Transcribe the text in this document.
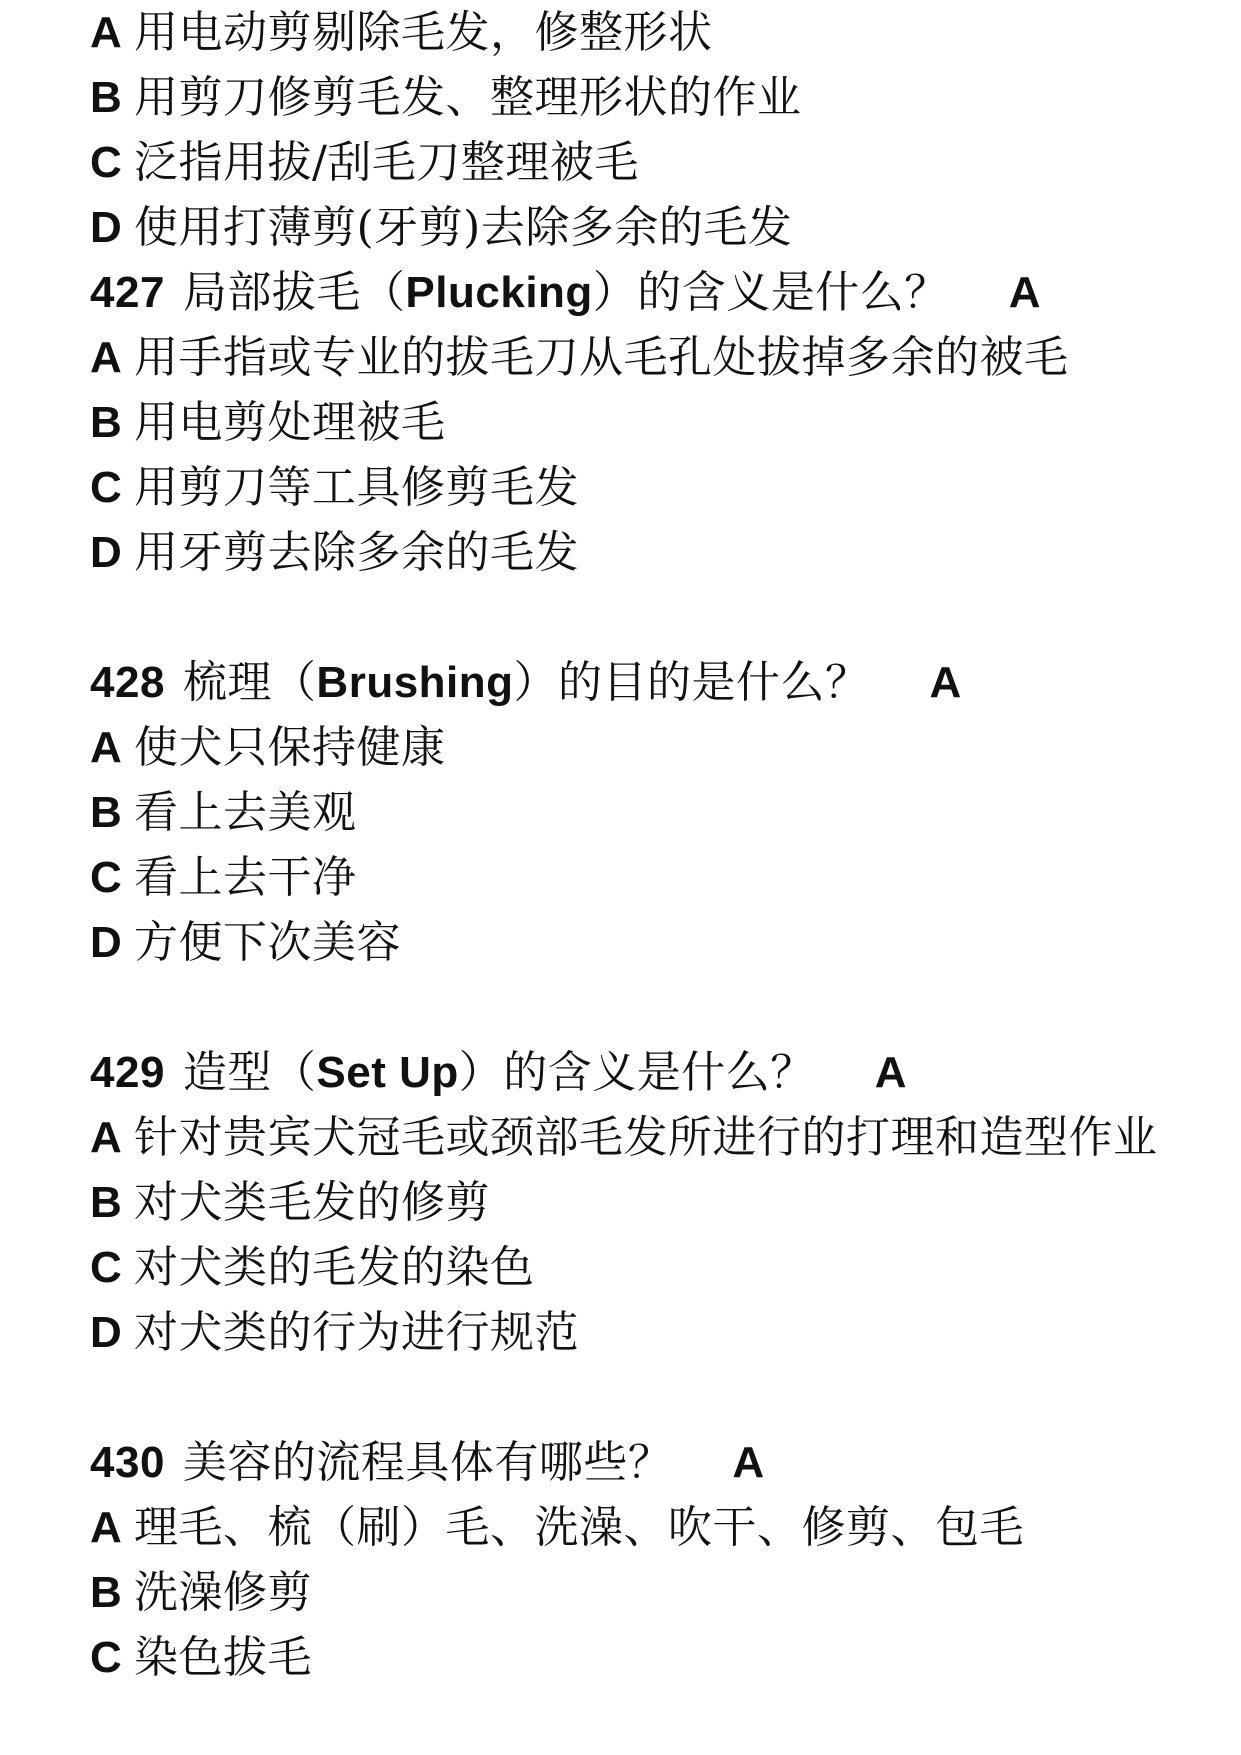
A 用电动剪剔除毛发，修整形状
B 用剪刀修剪毛发、整理形状的作业
C 泛指用拔/刮毛刀整理被毛
D 使用打薄剪(牙剪)去除多余的毛发
427 局部拔毛（Plucking）的含义是什么？ A
A 用手指或专业的拔毛刀从毛孔处拔掉多余的被毛
B 用电剪处理被毛
C 用剪刀等工具修剪毛发
D 用牙剪去除多余的毛发
428 梳理（Brushing）的目的是什么？ A
A 使犬只保持健康
B 看上去美观
C 看上去干净
D 方便下次美容
429 造型（Set Up）的含义是什么？ A
A 针对贵宾犬冠毛或颈部毛发所进行的打理和造型作业
B 对犬类毛发的修剪
C 对犬类的毛发的染色
D 对犬类的行为进行规范
430 美容的流程具体有哪些？ A
A 理毛、梳（刷）毛、洗澡、吹干、修剪、包毛
B 洗澡修剪
C 染色拔毛
